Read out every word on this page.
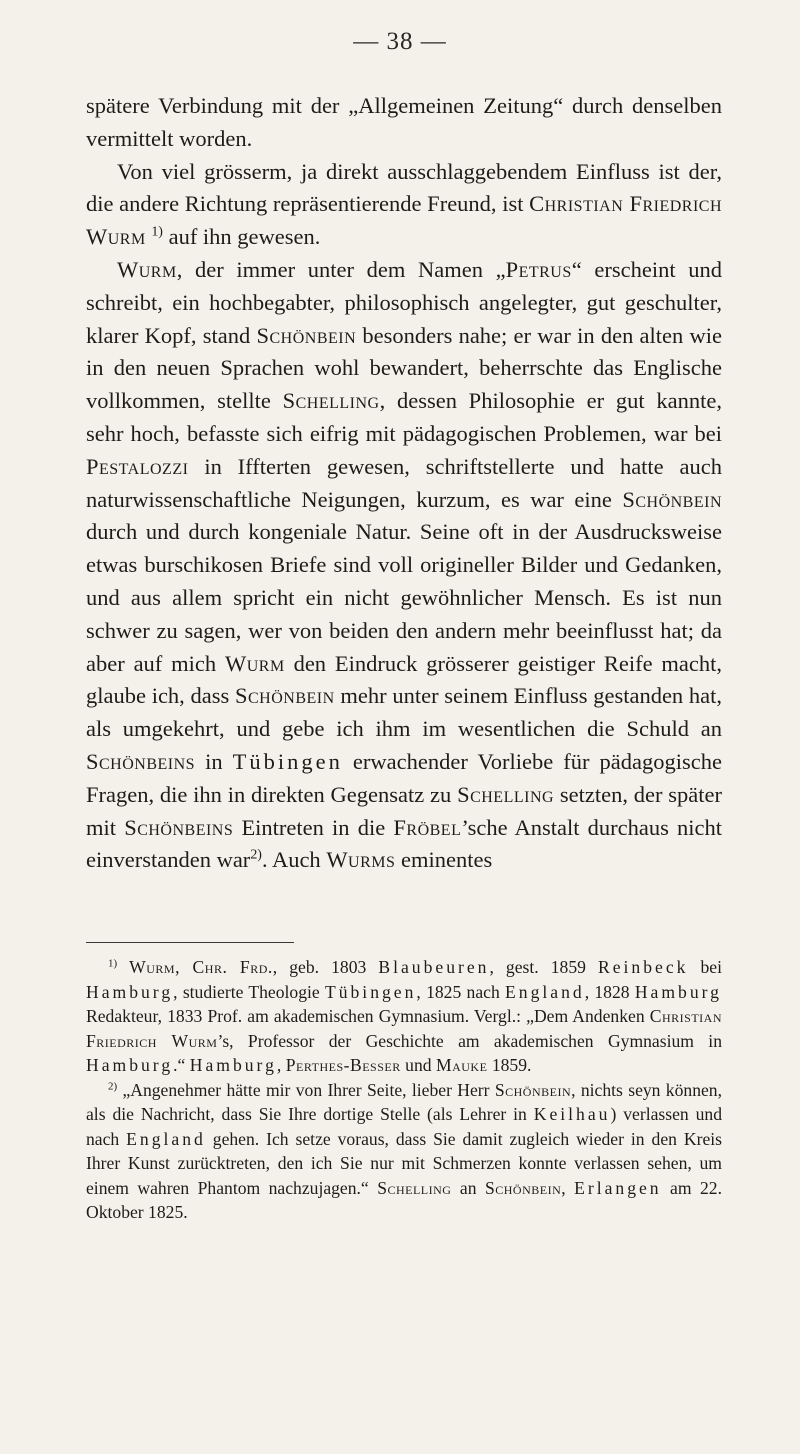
— 38 —

spätere Verbindung mit der „Allgemeinen Zeitung“ durch denselben vermittelt worden.

Von viel grösserm, ja direkt ausschlaggebendem Einfluss ist der, die andere Richtung repräsentierende Freund, ist Christian Friedrich Wurm $^{1)}$ auf ihn gewesen.

Wurm, der immer unter dem Namen „Petrus“ erscheint und schreibt, ein hochbegabter, philosophisch angelegter, gut geschulter, klarer Kopf, stand Schönbein besonders nahe; er war in den alten wie in den neuen Sprachen wohl bewandert, beherrschte das Englische vollkommen, stellte Schelling, dessen Philosophie er gut kannte, sehr hoch, befasste sich eifrig mit pädagogischen Problemen, war bei Pestalozzi in Iffterten gewesen, schriftstellerte und hatte auch naturwissenschaftliche Neigungen, kurzum, es war eine Schönbein durch und durch kongeniale Natur. Seine oft in der Ausdrucksweise etwas burschikosen Briefe sind voll origineller Bilder und Gedanken, und aus allem spricht ein nicht gewöhnlicher Mensch. Es ist nun schwer zu sagen, wer von beiden den andern mehr beeinflusst hat; da aber auf mich Wurm den Eindruck grösserer geistiger Reife macht, glaube ich, dass Schönbein mehr unter seinem Einfluss gestanden hat, als umgekehrt, und gebe ich ihm im wesentlichen die Schuld an Schönbeins in Tübingen erwachender Vorliebe für pädagogische Fragen, die ihn in direkten Gegensatz zu Schelling setzten, der später mit Schönbeins Eintreten in die Fröbel’sche Anstalt durchaus nicht einverstanden war$^{2)}$. Auch Wurms eminentes

$^{1)}$ Wurm, Chr. Frd., geb. 1803 Blaubeuren, gest. 1859 Reinbeck bei Hamburg, studierte Theologie Tübingen, 1825 nach England, 1828 Hamburg Redakteur, 1833 Prof. am akademischen Gymnasium. Vergl.: „Dem Andenken Christian Friedrich Wurm’s, Professor der Geschichte am akademischen Gymnasium in Hamburg.“ Hamburg, Perthes-Besser und Mauke 1859.

$^{2)}$ „Angenehmer hätte mir von Ihrer Seite, lieber Herr Schönbein, nichts seyn können, als die Nachricht, dass Sie Ihre dortige Stelle (als Lehrer in Keilhau) verlassen und nach England gehen. Ich setze voraus, dass Sie damit zugleich wieder in den Kreis Ihrer Kunst zurücktreten, den ich Sie nur mit Schmerzen konnte verlassen sehen, um einem wahren Phantom nachzujagen.“ Schelling an Schönbein, Erlangen am 22. Oktober 1825.
